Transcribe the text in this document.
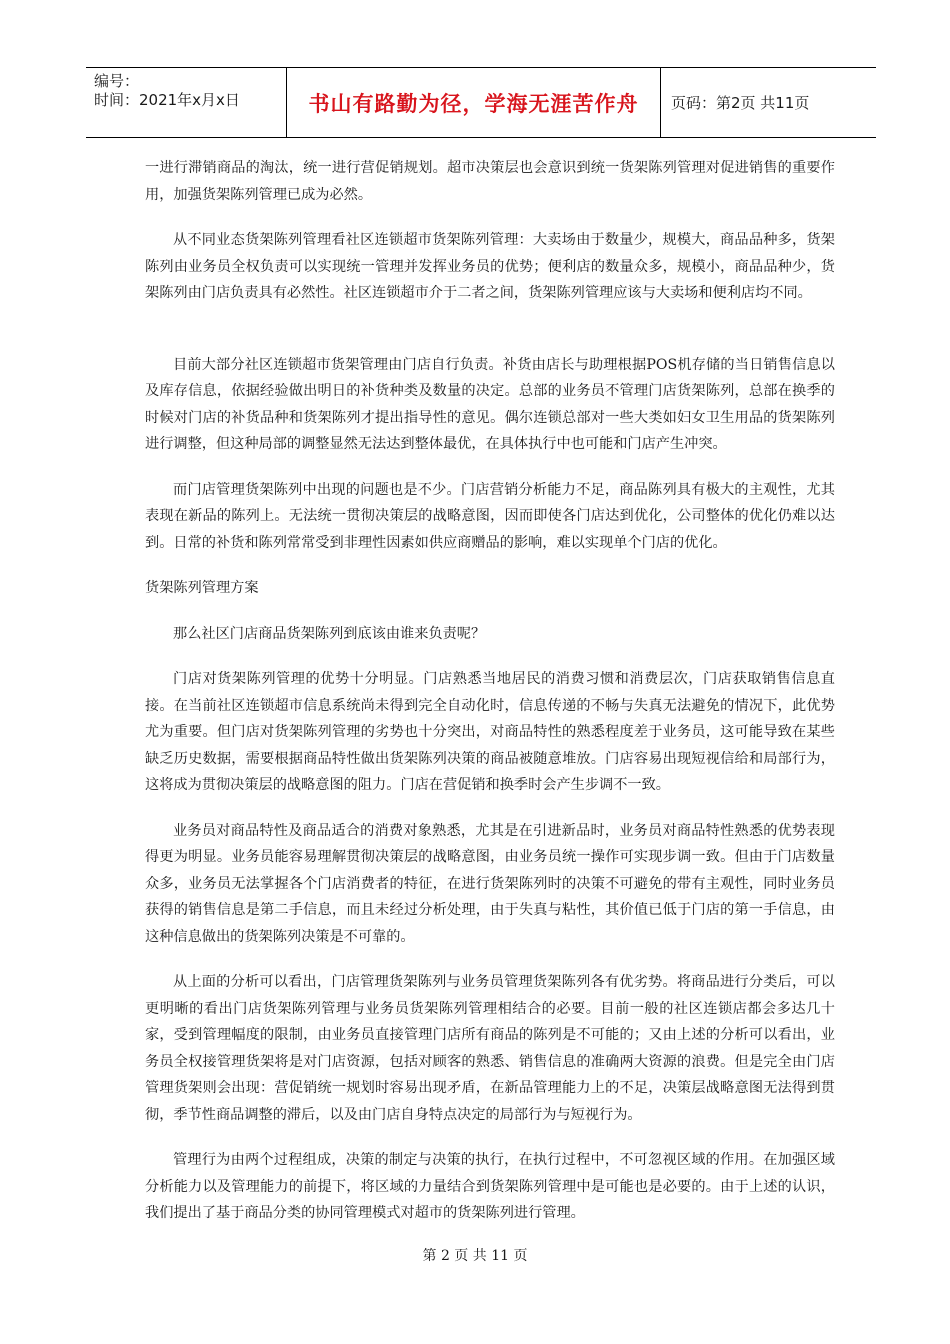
编号：
时间：2021年x月x日	书山有路勤为径，学海无涯苦作舟 页码：第2页 共11页

一进行滞销商品的淘汰，统一进行营促销规划。超市决策层也会意识到统一货架陈列管理对促进销售的重要作用，加强货架陈列管理已成为必然。

从不同业态货架陈列管理看社区连锁超市货架陈列管理：大卖场由于数量少，规模大，商品品种多，货架陈列由业务员全权负责可以实现统一管理并发挥业务员的优势；便利店的数量众多，规模小，商品品种少，货架陈列由门店负责具有必然性。社区连锁超市介于二者之间，货架陈列管理应该与大卖场和便利店均不同。

目前大部分社区连锁超市货架管理由门店自行负责。补货由店长与助理根据POS机存储的当日销售信息以及库存信息，依据经验做出明日的补货种类及数量的决定。总部的业务员不管理门店货架陈列，总部在换季的时候对门店的补货品种和货架陈列才提出指导性的意见。偶尔连锁总部对一些大类如妇女卫生用品的货架陈列进行调整，但这种局部的调整显然无法达到整体最优，在具体执行中也可能和门店产生冲突。

而门店管理货架陈列中出现的问题也是不少。门店营销分析能力不足，商品陈列具有极大的主观性，尤其表现在新品的陈列上。无法统一贯彻决策层的战略意图，因而即使各门店达到优化，公司整体的优化仍难以达到。日常的补货和陈列常常受到非理性因素如供应商赠品的影响，难以实现单个门店的优化。

货架陈列管理方案

那么社区门店商品货架陈列到底该由谁来负责呢？

门店对货架陈列管理的优势十分明显。门店熟悉当地居民的消费习惯和消费层次，门店获取销售信息直接。在当前社区连锁超市信息系统尚未得到完全自动化时，信息传递的不畅与失真无法避免的情况下，此优势尤为重要。但门店对货架陈列管理的劣势也十分突出，对商品特性的熟悉程度差于业务员，这可能导致在某些缺乏历史数据，需要根据商品特性做出货架陈列决策的商品被随意堆放。门店容易出现短视信给和局部行为，这将成为贯彻决策层的战略意图的阻力。门店在营促销和换季时会产生步调不一致。

业务员对商品特性及商品适合的消费对象熟悉，尤其是在引进新品时，业务员对商品特性熟悉的优势表现得更为明显。业务员能容易理解贯彻决策层的战略意图，由业务员统一操作可实现步调一致。但由于门店数量众多，业务员无法掌握各个门店消费者的特征，在进行货架陈列时的决策不可避免的带有主观性，同时业务员获得的销售信息是第二手信息，而且未经过分析处理，由于失真与粘性，其价值已低于门店的第一手信息，由这种信息做出的货架陈列决策是不可靠的。

从上面的分析可以看出，门店管理货架陈列与业务员管理货架陈列各有优劣势。将商品进行分类后，可以更明晰的看出门店货架陈列管理与业务员货架陈列管理相结合的必要。目前一般的社区连锁店都会多达几十家，受到管理幅度的限制，由业务员直接管理门店所有商品的陈列是不可能的；又由上述的分析可以看出，业务员全权接管理货架将是对门店资源，包括对顾客的熟悉、销售信息的准确两大资源的浪费。但是完全由门店管理货架则会出现：营促销统一规划时容易出现矛盾，在新品管理能力上的不足，决策层战略意图无法得到贯彻，季节性商品调整的滞后，以及由门店自身特点决定的局部行为与短视行为。

管理行为由两个过程组成，决策的制定与决策的执行，在执行过程中，不可忽视区域的作用。在加强区域分析能力以及管理能力的前提下，将区域的力量结合到货架陈列管理中是可能也是必要的。由于上述的认识，我们提出了基于商品分类的协同管理模式对超市的货架陈列进行管理。

第 2 页 共 11 页
